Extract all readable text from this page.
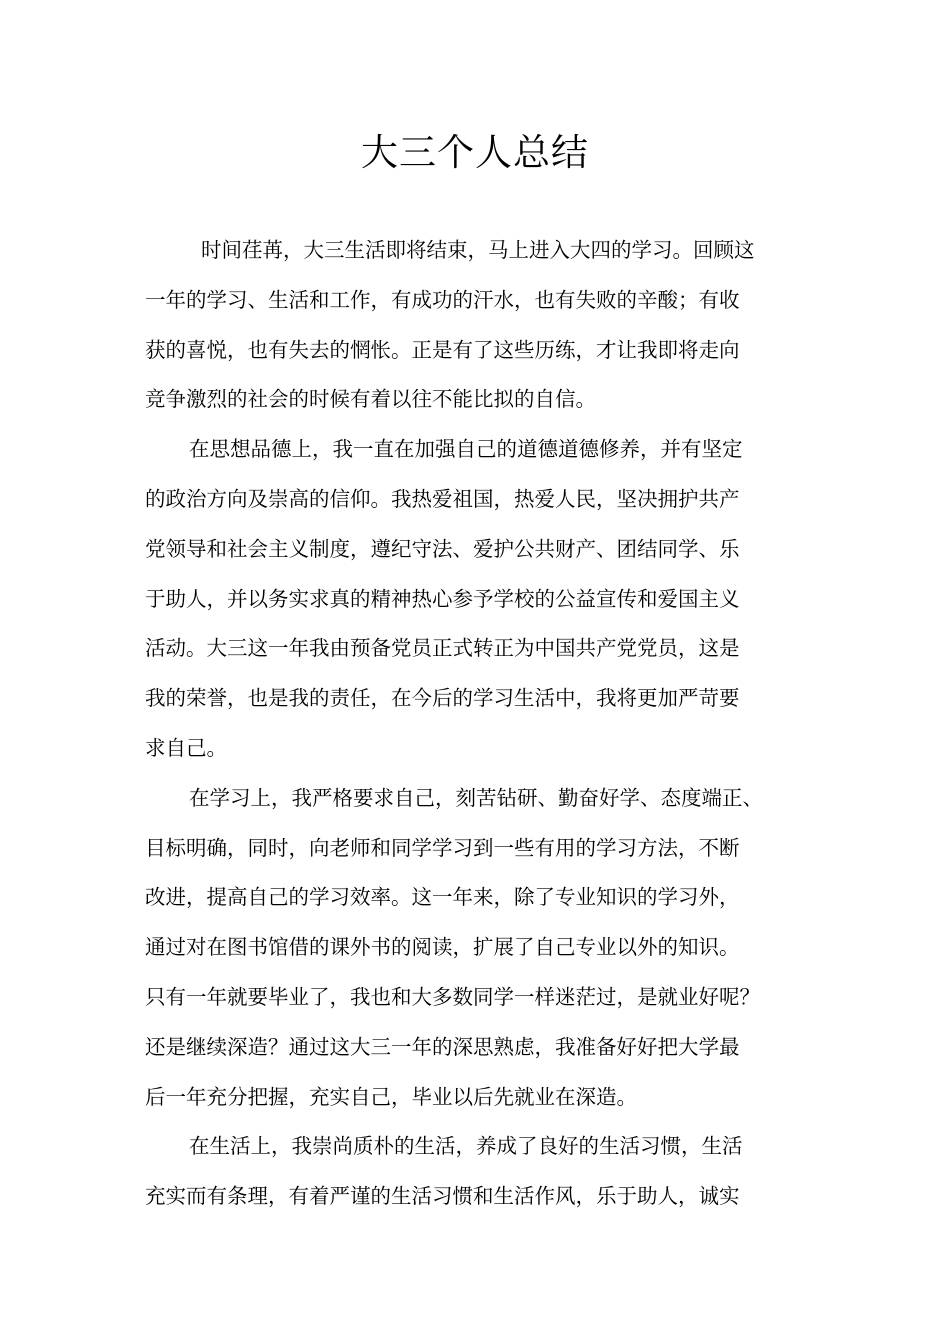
大三个人总结
时间荏苒，大三生活即将结束，马上进入大四的学习。回顾这
一年的学习、生活和工作，有成功的汗水，也有失败的辛酸；有收
获的喜悦，也有失去的惘怅。正是有了这些历练，才让我即将走向
竞争激烈的社会的时候有着以往不能比拟的自信。
在思想品德上，我一直在加强自己的道德道德修养，并有坚定
的政治方向及崇高的信仰。我热爱祖国，热爱人民，坚决拥护共产
党领导和社会主义制度，遵纪守法、爱护公共财产、团结同学、乐
于助人，并以务实求真的精神热心参予学校的公益宣传和爱国主义
活动。大三这一年我由预备党员正式转正为中国共产党党员，这是
我的荣誉，也是我的责任，在今后的学习生活中，我将更加严苛要
求自己。
在学习上，我严格要求自己，刻苦钻研、勤奋好学、态度端正、
目标明确，同时，向老师和同学学习到一些有用的学习方法，不断
改进，提高自己的学习效率。这一年来，除了专业知识的学习外，
通过对在图书馆借的课外书的阅读，扩展了自己专业以外的知识。
只有一年就要毕业了，我也和大多数同学一样迷茫过，是就业好呢？
还是继续深造？通过这大三一年的深思熟虑，我准备好好把大学最
后一年充分把握，充实自己，毕业以后先就业在深造。
在生活上，我崇尚质朴的生活，养成了良好的生活习惯，生活
充实而有条理，有着严谨的生活习惯和生活作风，乐于助人，诚实
